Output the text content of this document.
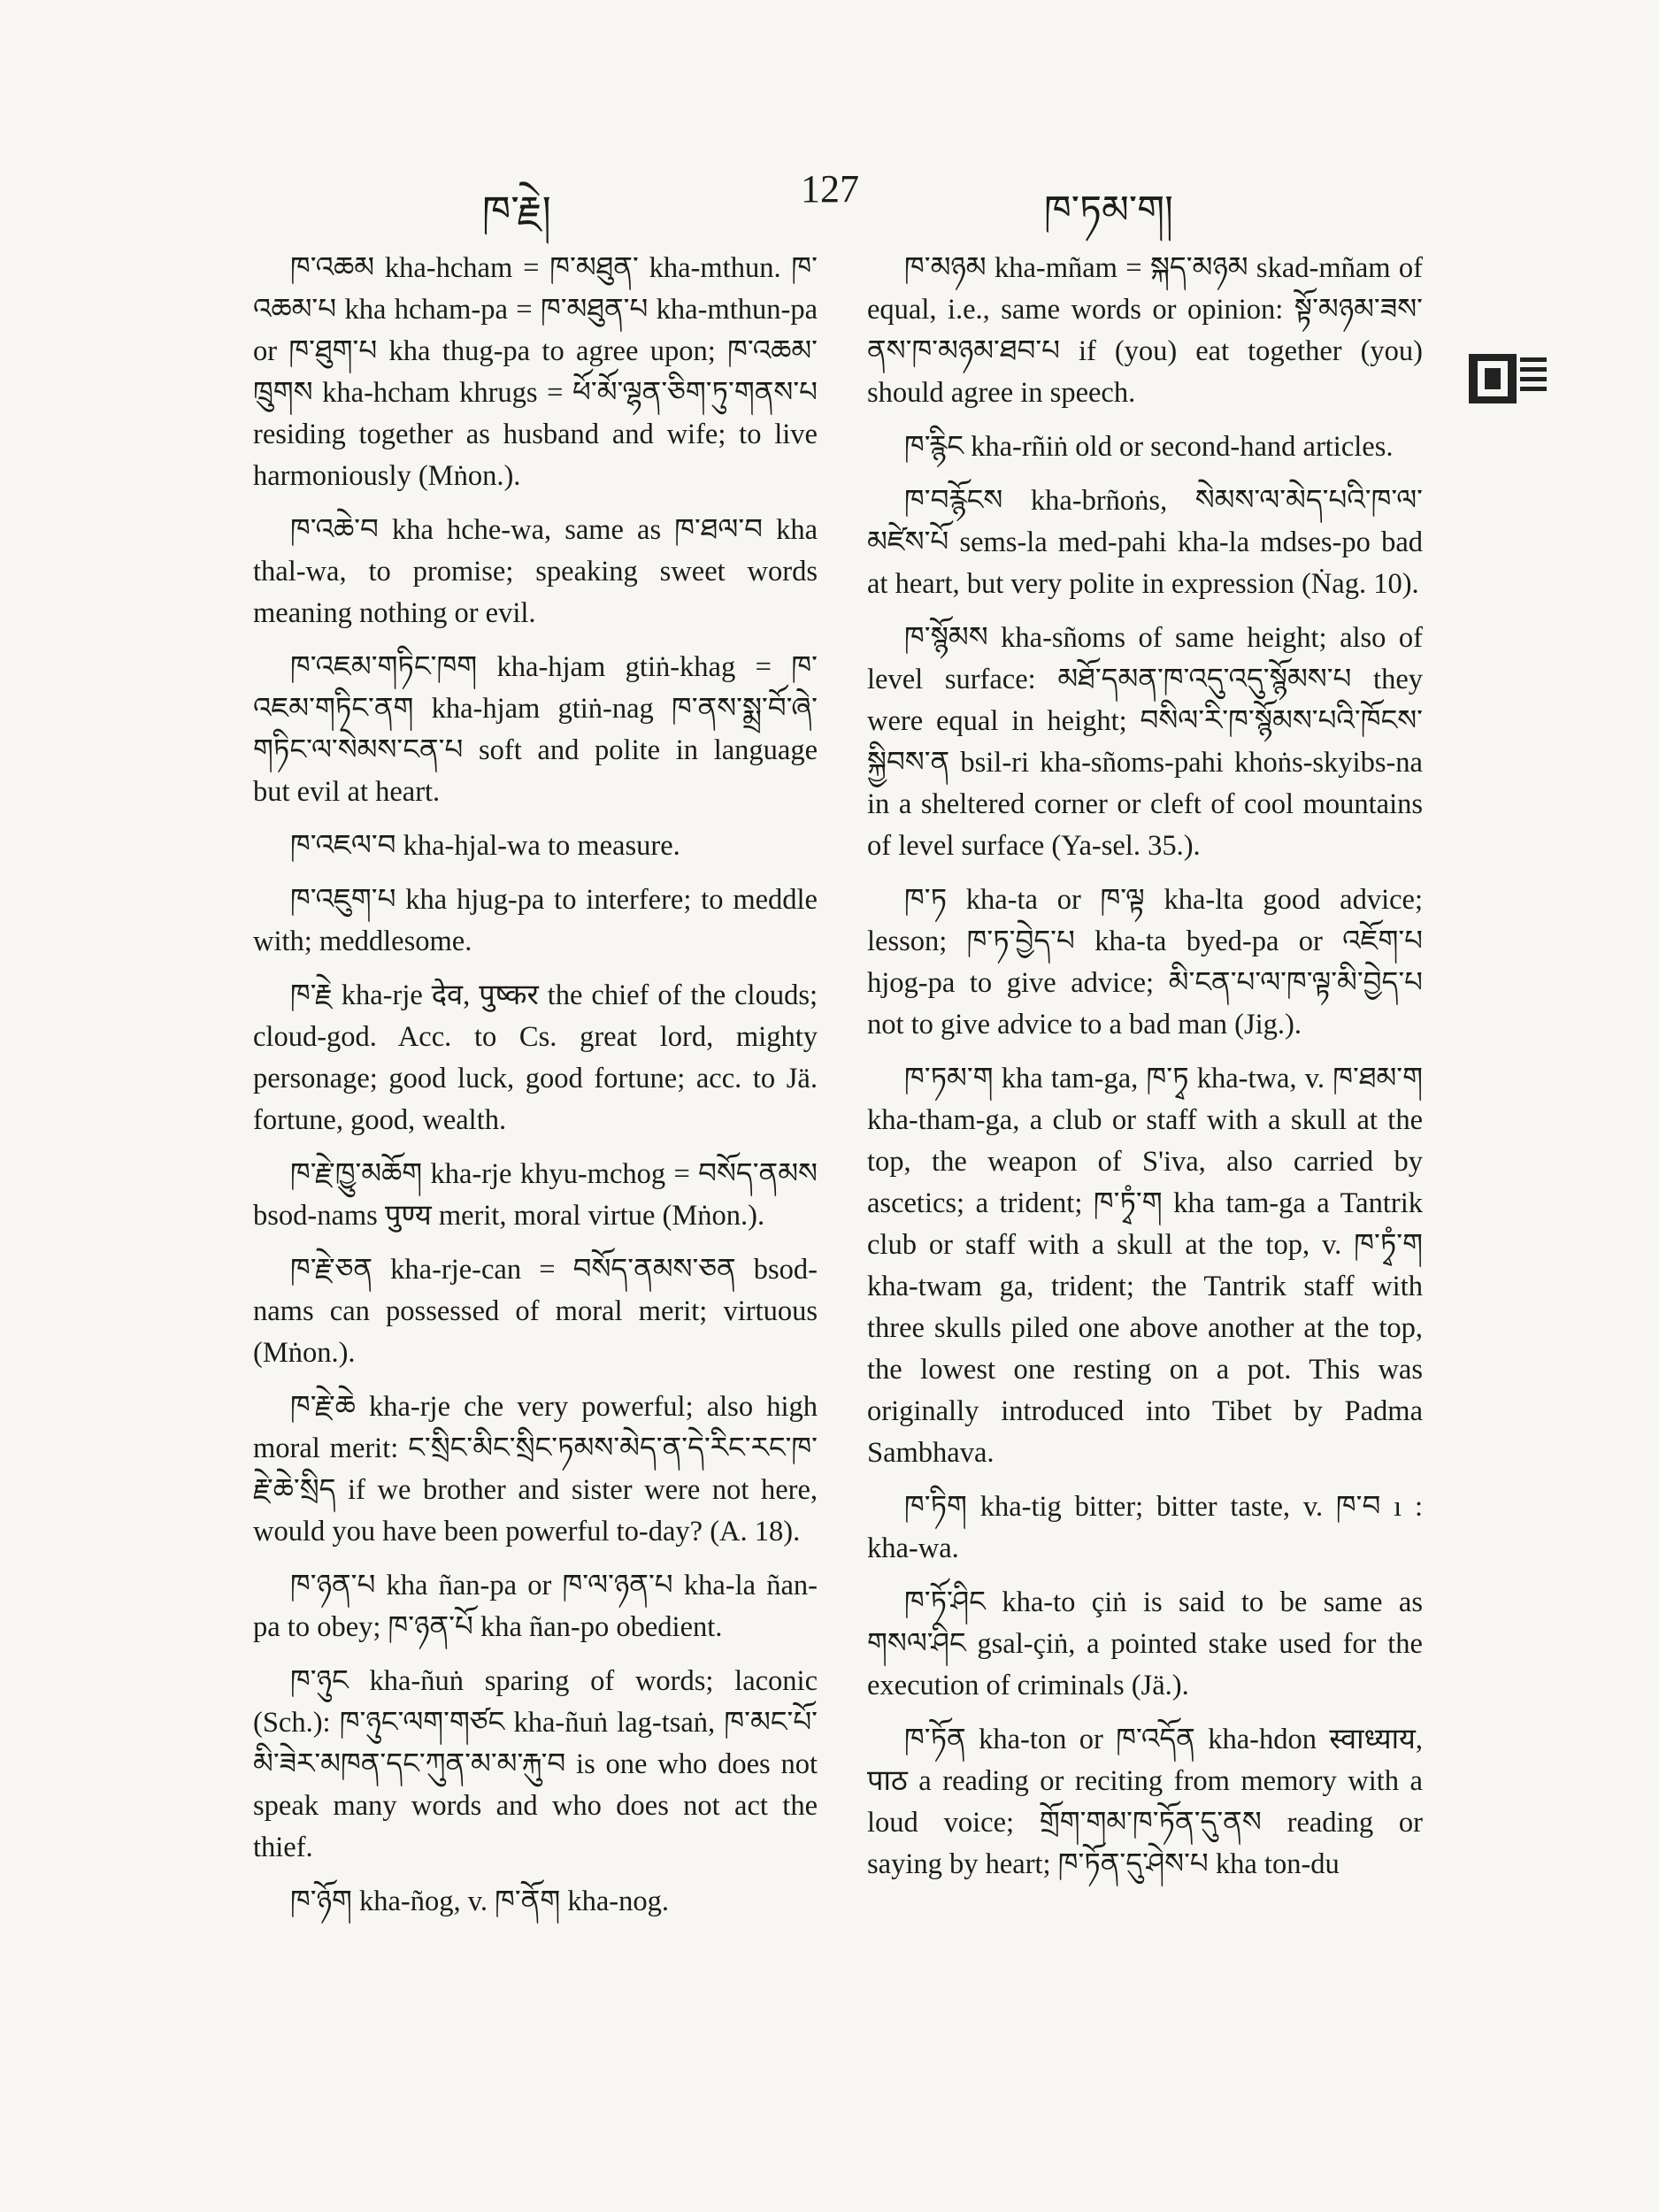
ཁ་རྗེ།	127	ཁ་ཏམ་ག།

ཁ་འཆམ kha-hcham = ཁ་མཐུན་ kha-mthun. ཁ་འཆམ་པ kha hcham-pa = ཁ་མཐུན་པ kha-mthun-pa or ཁ་ཐུག་པ kha thug-pa to agree upon; ཁ་འཆམ་ཁྲུགས kha-hcham khrugs = ཕོ་མོ་ལྷན་ཅིག་ཏུ་གནས་པ residing together as husband and wife; to live harmoniously (Mṅon.).

ཁ་འཆེ་བ kha hche-wa, same as ཁ་ཐལ་བ kha thal-wa, to promise; speaking sweet words meaning nothing or evil.

ཁ་འཇམ་གཏིང་ཁག kha-hjam gtiṅ-khag = ཁ་འཇམ་གཏིང་ནག kha-hjam gtiṅ-nag ཁ་ནས་སྨྲ་བོ་ཞེ་གཏིང་ལ་སེམས་ངན་པ soft and polite in language but evil at heart.

ཁ་འཇལ་བ kha-hjal-wa to measure.

ཁ་འཇུག་པ kha hjug-pa to interfere; to meddle with; meddlesome.

ཁ་རྗེ kha-rje देव, पुष्कर the chief of the clouds; cloud-god. Acc. to Cs. great lord, mighty personage; good luck, good fortune; acc. to Jä. fortune, good, wealth.

ཁ་རྗེ་ཁྱུ་མཆོག kha-rje khyu-mchog = བསོད་ནམས bsod-nams पुण्य merit, moral virtue (Mṅon.).

ཁ་རྗེ་ཅན kha-rje-can = བསོད་ནམས་ཅན bsod-nams can possessed of moral merit; virtuous (Mṅon.).

ཁ་རྗེ་ཆེ kha-rje che very powerful; also high moral merit: ང་སྲིང་མིང་སྲིང་ཏམས་མེད་ན་དེ་རིང་རང་ཁ་རྗེ་ཆེ་སྲིད if we brother and sister were not here, would you have been powerful to-day? (A. 18).

ཁ་ཉན་པ kha ñan-pa or ཁ་ལ་ཉན་པ kha-la ñan-pa to obey; ཁ་ཉན་པོ kha ñan-po obedient.

ཁ་ཉུང kha-ñuṅ sparing of words; laconic (Sch.): ཁ་ཉུང་ལག་གཙང kha-ñuṅ lag-tsaṅ, ཁ་མང་པོ་མི་ཟེར་མཁན་དང་ཀུན་མ་མ་རྐུ་བ is one who does not speak many words and who does not act the thief.

ཁ་ཉོག kha-ñog, v. ཁ་ནོག kha-nog.

ཁ་མཉམ kha-mñam = སྐད་མཉམ skad-mñam of equal, i.e., same words or opinion: སྟོ་མཉམ་ཟས་ནས་ཁ་མཉམ་ཐབ་པ if (you) eat together (you) should agree in speech.

ཁ་རྙིང kha-rñiṅ old or second-hand articles.

ཁ་བརྙོངས kha-brñoṅs, སེམས་ལ་མེད་པའི་ཁ་ལ་མཛེས་པོ sems-la med-pahi kha-la mdses-po bad at heart, but very polite in expression (Ṅag. 10).

ཁ་སྙོམས kha-sñoms of same height; also of level surface: མཐོ་དམན་ཁ་འདུ་འདུ་སྙོམས་པ they were equal in height; བསིལ་རི་ཁ་སྙོམས་པའི་ཁོངས་སྐྱིབས་ན bsil-ri kha-sñoms-pahi khoṅs-skyibs-na in a sheltered corner or cleft of cool mountains of level surface (Ya-sel. 35.).

ཁ་ཏ kha-ta or ཁ་ལྟ kha-lta good advice; lesson; ཁ་ཏ་བྱེད་པ kha-ta byed-pa or འཇོག་པ hjog-pa to give advice; མི་ངན་པ་ལ་ཁ་ལྟ་མི་བྱེད་པ not to give advice to a bad man (Jig.).

ཁ་ཏམ་ག kha tam-ga, ཁ་ཏྭ kha-twa, v. ཁ་ཐམ་ག kha-tham-ga, a club or staff with a skull at the top, the weapon of S'iva, also carried by ascetics; a trident; ཁ་ཏྭཾ་ག kha tam-ga a Tantrik club or staff with a skull at the top, v. ཁ་ཏྭཾ་ག kha-twam ga, trident; the Tantrik staff with three skulls piled one above another at the top, the lowest one resting on a pot. This was originally introduced into Tibet by Padma Sambhava.

ཁ་ཏིག kha-tig bitter; bitter taste, v. ཁ་བ ı : kha-wa.

ཁ་ཏོ་ཤིང kha-to çiṅ is said to be same as གསལ་ཤིང gsal-çiṅ, a pointed stake used for the execution of criminals (Jä.).

ཁ་ཏོན kha-ton or ཁ་འདོན kha-hdon स्वाध्याय, पाठ a reading or reciting from memory with a loud voice; གྲོག་གམ་ཁ་ཏོན་དུ་ནས reading or saying by heart; ཁ་ཏོན་དུ་ཤེས་པ kha ton-du
